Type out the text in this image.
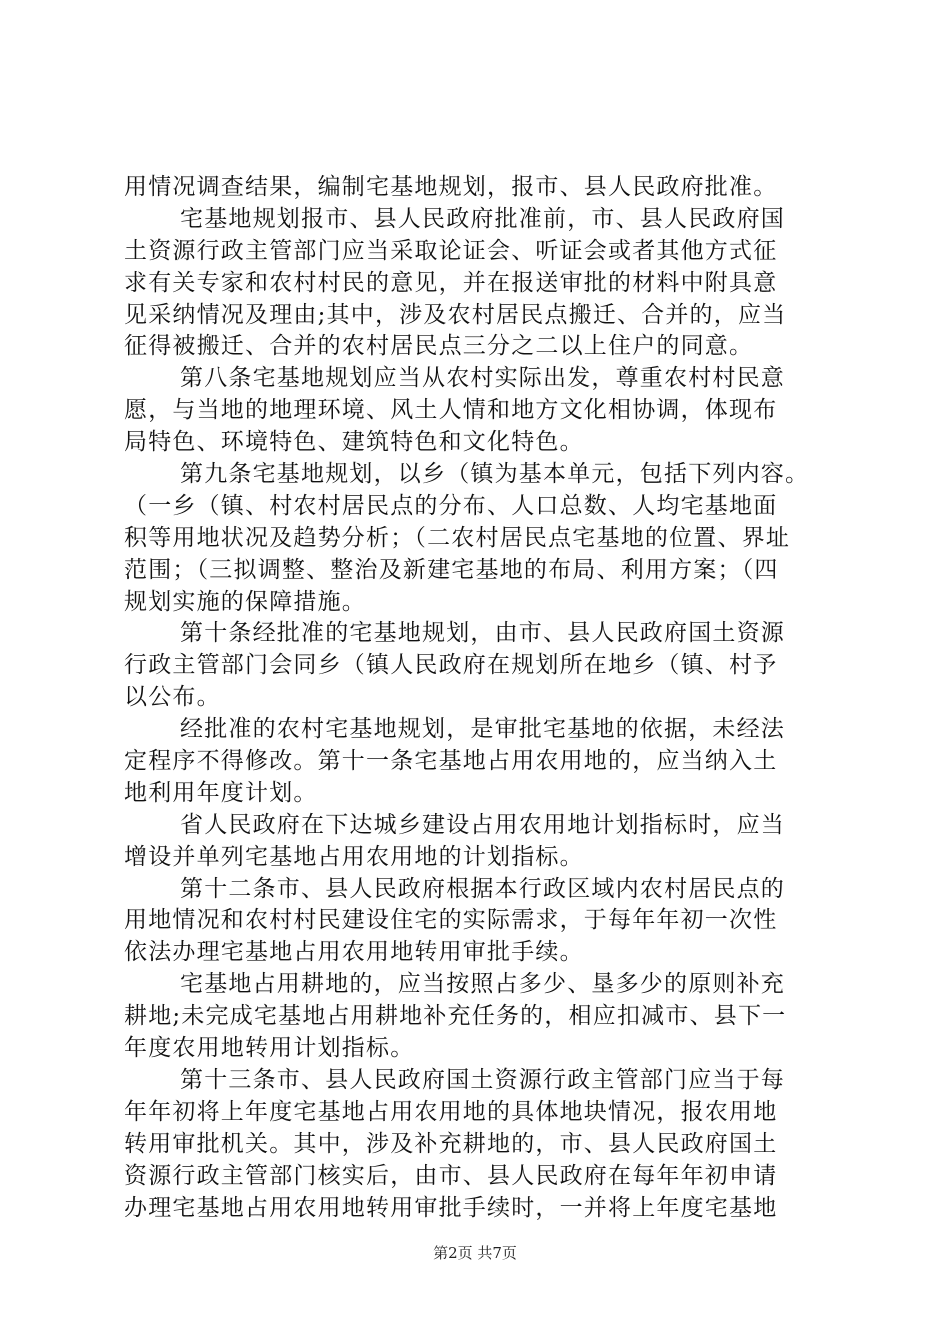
用情况调查结果，编制宅基地规划，报市、县人民政府批准。
宅基地规划报市、县人民政府批准前，市、县人民政府国
土资源行政主管部门应当采取论证会、听证会或者其他方式征
求有关专家和农村村民的意见，并在报送审批的材料中附具意
见采纳情况及理由;其中，涉及农村居民点搬迁、合并的，应当
征得被搬迁、合并的农村居民点三分之二以上住户的同意。
第八条宅基地规划应当从农村实际出发，尊重农村村民意
愿，与当地的地理环境、风土人情和地方文化相协调，体现布
局特色、环境特色、建筑特色和文化特色。
第九条宅基地规划，以乡（镇为基本单元，包括下列内容。
（一乡（镇、村农村居民点的分布、人口总数、人均宅基地面
积等用地状况及趋势分析；（二农村居民点宅基地的位置、界址
范围；（三拟调整、整治及新建宅基地的布局、利用方案；（四
规划实施的保障措施。
第十条经批准的宅基地规划，由市、县人民政府国土资源
行政主管部门会同乡（镇人民政府在规划所在地乡（镇、村予
以公布。
经批准的农村宅基地规划，是审批宅基地的依据，未经法
定程序不得修改。第十一条宅基地占用农用地的，应当纳入土
地利用年度计划。
省人民政府在下达城乡建设占用农用地计划指标时，应当
增设并单列宅基地占用农用地的计划指标。
第十二条市、县人民政府根据本行政区域内农村居民点的
用地情况和农村村民建设住宅的实际需求，于每年年初一次性
依法办理宅基地占用农用地转用审批手续。
宅基地占用耕地的，应当按照占多少、垦多少的原则补充
耕地;未完成宅基地占用耕地补充任务的，相应扣减市、县下一
年度农用地转用计划指标。
第十三条市、县人民政府国土资源行政主管部门应当于每
年年初将上年度宅基地占用农用地的具体地块情况，报农用地
转用审批机关。其中，涉及补充耕地的，市、县人民政府国土
资源行政主管部门核实后，由市、县人民政府在每年年初申请
办理宅基地占用农用地转用审批手续时，一并将上年度宅基地
第2页 共7页
